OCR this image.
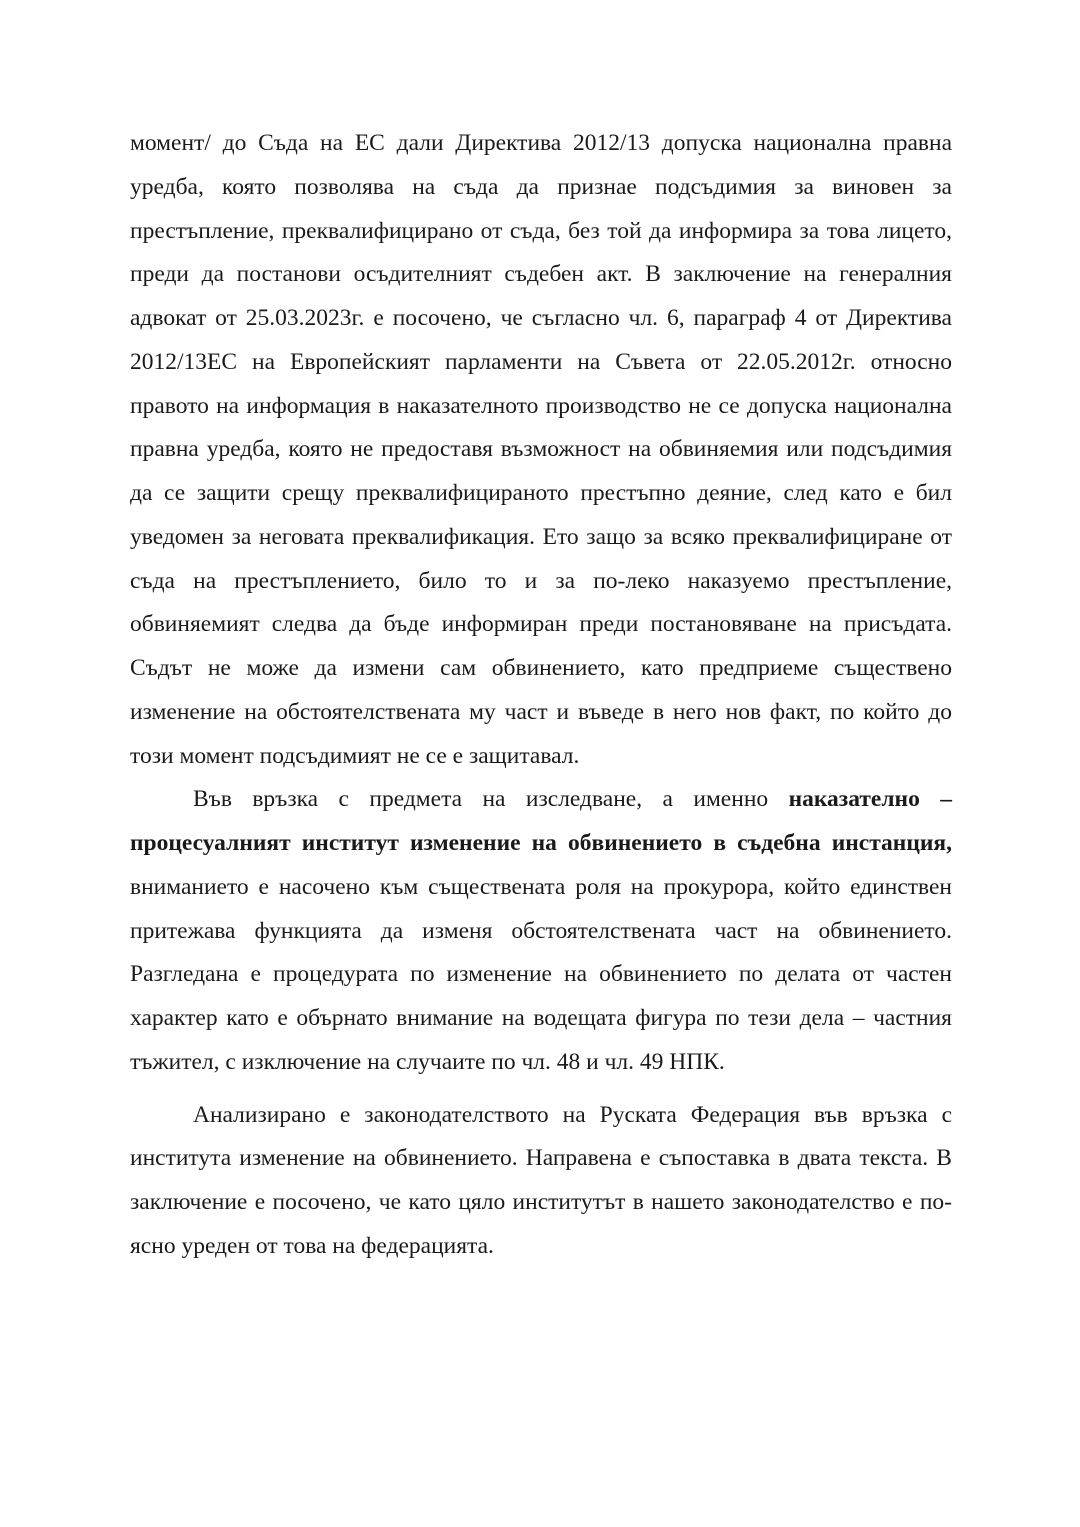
момент/ до Съда на ЕС дали Директива 2012/13 допуска национална правна уредба, която позволява на съда да признае подсъдимия за виновен за престъпление, преквалифицирано от съда, без той да информира за това лицето, преди да постанови осъдителният съдебен акт. В заключение на генералния адвокат от 25.03.2023г. е посочено, че съгласно чл. 6, параграф 4 от Директива 2012/13ЕС на Европейският парламенти на Съвета от 22.05.2012г. относно правото на информация в наказателното производство не се допуска национална правна уредба, която не предоставя възможност на обвиняемия или подсъдимия да се защити срещу преквалифицираното престъпно деяние, след като е бил уведомен за неговата преквалификация. Ето защо за всяко преквалифициране от съда на престъплението, било то и за по-леко наказуемо престъпление, обвиняемият следва да бъде информиран преди постановяване на присъдата. Съдът не може да измени сам обвинението, като предприеме съществено изменение на обстоятелствената му част и въведе в него нов факт, по който до този момент подсъдимият не се е защитавал.

Във връзка с предмета на изследване, а именно наказателно – процесуалният институт изменение на обвинението в съдебна инстанция, вниманието е насочено към съществената роля на прокурора, който единствен притежава функцията да изменя обстоятелствената част на обвинението. Разгледана е процедурата по изменение на обвинението по делата от частен характер като е обърнато внимание на водещата фигура по тези дела – частния тъжител, с изключение на случаите по чл. 48 и чл. 49 НПК.

Анализирано е законодателството на Руската Федерация във връзка с института изменение на обвинението. Направена е съпоставка в двата текста. В заключение е посочено, че като цяло институтът в нашето законодателство е по-ясно уреден от това на федерацията.
